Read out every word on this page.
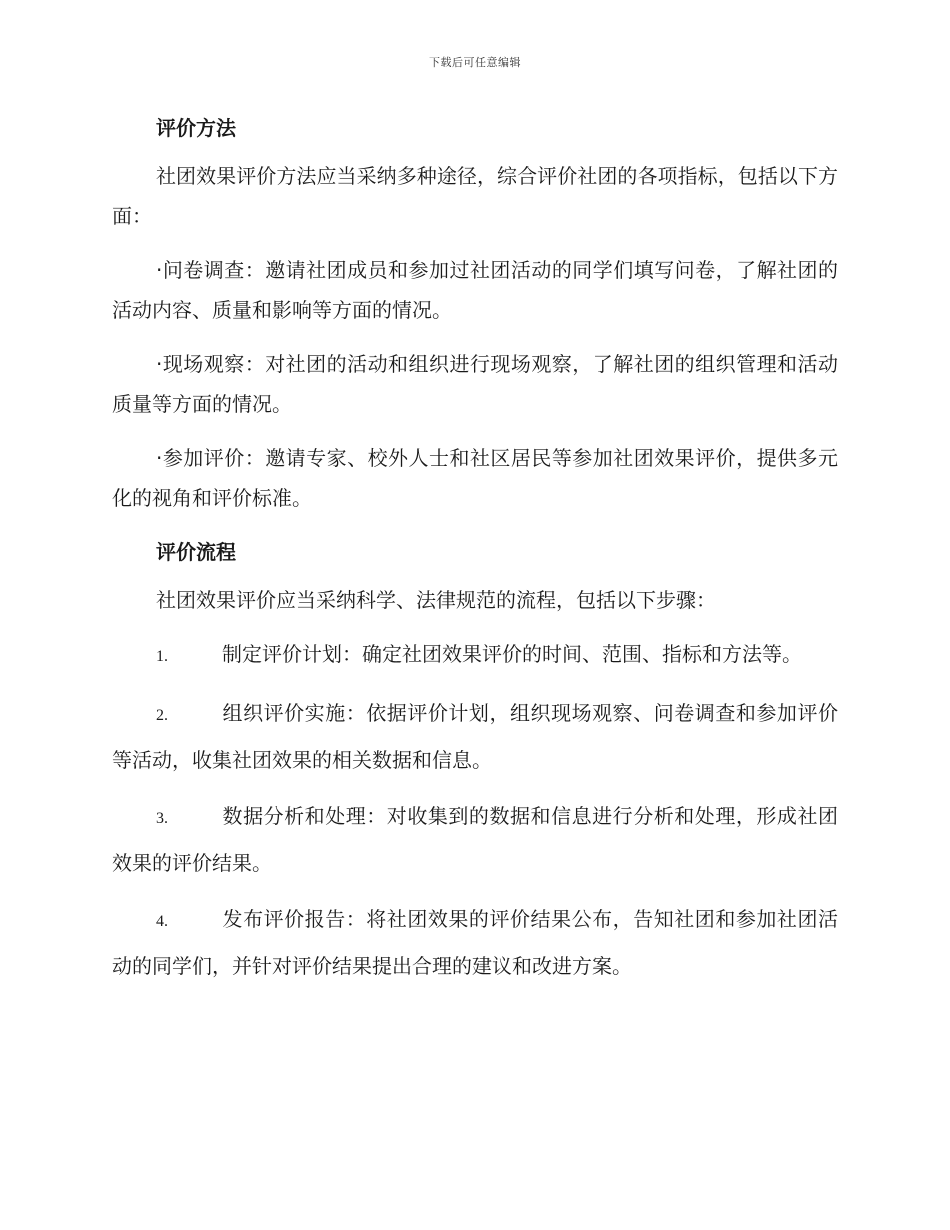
下载后可任意编辑
评价方法

社团效果评价方法应当采纳多种途径，综合评价社团的各项指标，包括以下方面：

·问卷调查：邀请社团成员和参加过社团活动的同学们填写问卷，了解社团的活动内容、质量和影响等方面的情况。

·现场观察：对社团的活动和组织进行现场观察，了解社团的组织管理和活动质量等方面的情况。

·参加评价：邀请专家、校外人士和社区居民等参加社团效果评价，提供多元化的视角和评价标准。

评价流程

社团效果评价应当采纳科学、法律规范的流程，包括以下步骤：

1.	制定评价计划：确定社团效果评价的时间、范围、指标和方法等。

2.	组织评价实施：依据评价计划，组织现场观察、问卷调查和参加评价等活动，收集社团效果的相关数据和信息。

3.	数据分析和处理：对收集到的数据和信息进行分析和处理，形成社团效果的评价结果。

4.	发布评价报告：将社团效果的评价结果公布，告知社团和参加社团活动的同学们，并针对评价结果提出合理的建议和改进方案。
